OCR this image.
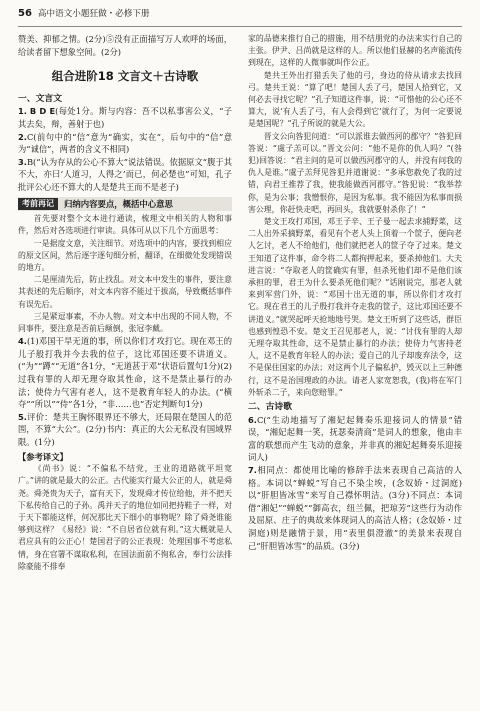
56 高中语文小题狂做・必修下册

赞美、抑郁之情。(2分)⑤没有正面描写万人欢呼的场面，给读者留下想象空间。(2分)

组合进阶18 文言文＋古诗歌
一、文言文

1. B D E(每处1分。斯与内容：吾不以私事害公义，“子其去矣，辩，善射于也)

2.C(前句中的“信”意为“确实，实在”，后句中的“信”意为“诚信”，两者的含义不相同)

3.B(“认为存从的公心不算大”说法错误。依据原文“腹于其不大，亦曰‘人道习，人得之’而已，何必楚也”可知，孔子批评公心还不算大的人是楚共王而不是老子)

考前再记	归纳内容要点，概括中心意思

首先要对整个文本进行通读，梳理文中相关的人物和事件，然后对各选项进行审读。具体可从以下几个方面思考：

一是据度文意，关注细节。对选项中的内容，要找到相应的原文区间，然后逐字逐句细分析，翻译，在细微处发现错误的地方。

二是厘清先后，防止找乱。对文本中发生的事件，要注意其表述的先后顺序，对文本内容不能过于拔高，导致概括事件有误先后。

三是紧逗事素，不办人物。对文本中出现的不同人物，不同事件，要注意是否前后颠倒，张冠李戴。

4.(1)邓国干旱无道的事，所以你们才攻打它。现在邓王的儿子般打我并今去我的位子，这比邓国还要不讲道义。(“为”“蹲”“无道”各1分，“无道甚于邓”状语后置句1分)(2)过我有罪的人却无理夺取其性命，这不是禁止暴行的办法；使侍力气害有老人，这不是教育年轻人的办法。(“横夺”“所以”“侍”各1分，“非……也”否定判断句1分)

5.评价：楚共王胸怀眼界还不够大，还局限在楚国人的范围，不算“大公”。(2分)书内：真正的大公无私没有国域界限。(1分)

【参考译文】

《尚书》说：“不偏私不结党，王业的道路就平坦宽广。”讲的就是最大的公正。古代能实行最大公正的人，就是舜尧。舜尧贵为天子，富有天下，发现舜才传位给他，并不把天下私传给自己的子孙。禹并天子的地位如同把持鞋子一样，对于天下都能这样，何况那比天下细小的事物呢？除了舜尧谁能够到这样？《易经》说：“不自居省位就有利。”这大概就是人君应具有的公正心！楚国君子的公正表现：处理国事不考虑私情，身在官署不谋取私利，在国法面前不徇私舍，奉行公法排除豪能不排奉

家的品德来推行自己的措施，用不结朋党的办法来实行自己的主张。伊尹、吕尚就是这样的人。所以他们显赫的名声能流传到现在，这样的人微事就叫作公正。

楚共王外出打猎丢失了他的弓，身边的侍从请求去找回弓。楚共王说：“算了吧！楚国人丢了弓，楚国人拾到它，又何必去寻找它呢？”孔子知道这件事，说：“可惜他的公心还不算大，说‘有人丢了弓，有人会得到它’就行了，为何一定要说是楚国呢？”孔子所说的就是大公。

晋文公向咎犯问道：“可以派谁去做西河的郡守？”咎犯回答说：“虞子羔可以。”晋文公问：“他不是你的仇人吗？”(咎犯)回答说：“君主问的是可以做西河郡守的人，并没有问我的仇人是谁。”虞子羔拜见咎犯并道谢说：“多承您赦免了我的过错，向君王推荐了我，使我能做西河郡守。”咎犯说：“我举荐你，是为公事；我憎恨你，是因为私事。我不能因为私事而损害公理，你赶快走吧，再回头，我就要射杀你了！”

楚文王攻打邓国，邓王子辛、王子曼一起去求捕野菜，这二人出外采摘野菜，看见有个老人头上顶着一个筐子，便向老人乞讨，老人不给他们，他们就把老人的筐子夺了过来。楚文王知道了这件事，命令将二人都拘押起来，要杀掉他们。大夫进言说：“夺取老人的筐确实有罪，但杀死他们却不是他们该承担的罪，君王为什么要杀死他们呢？”话刚说完，那老人就来到军营门外，说：“邓国十出无道的事，所以你们才攻打它。现在君王的儿子殷打我并夺走我的筐子，这比邓国还要不讲道义。”就哭起呼天抢地地号哭。楚文王听到了这些话，群臣也感到惶恐不安。楚文王召见那老人，说：“讨伐有罪的人却无理夺取其性命，这不是禁止暴行的办法；使侍力气害持老人，这不是教育年轻人的办法；爱自己的儿子却废弃法令，这不是保住国家的办法；对这两个儿子偏私护，毁灭以上三种德行，这不是治国理政的办法。请老人家宽恕我，(我)将在军门外斩杀二子，来向您赔罪。”

二、古诗歌

6.C(“生动地描写了湘妃起舞奏乐迎接词人的情景”错误，“湘妃起舞一笑，抚瑟奏清商”是词人的想象，他由丰富的联想而产生飞动的意象，并非真的湘妃起舞奏乐迎接词人)

7.相同点：都使用比喻的修辞手法来表现自己高洁的人格。本词以“蝉蜕”写自己不染尘埃，(念奴娇・过洞庭)以“肝胆皆冰雪”来写自己襟怀明洁。(3分)不同点：本词借“湘妃”“蝉蜕”“御高衣，纽兰佩，把琼芳”这些行为动作及屈原、庄子的典故来体现词人的高洁人格；(念奴娇・过洞庭)则是融情于景，用“表里俱澄澈”的美景来表现自己“肝胆皆冰雪”的品质。(3分)
